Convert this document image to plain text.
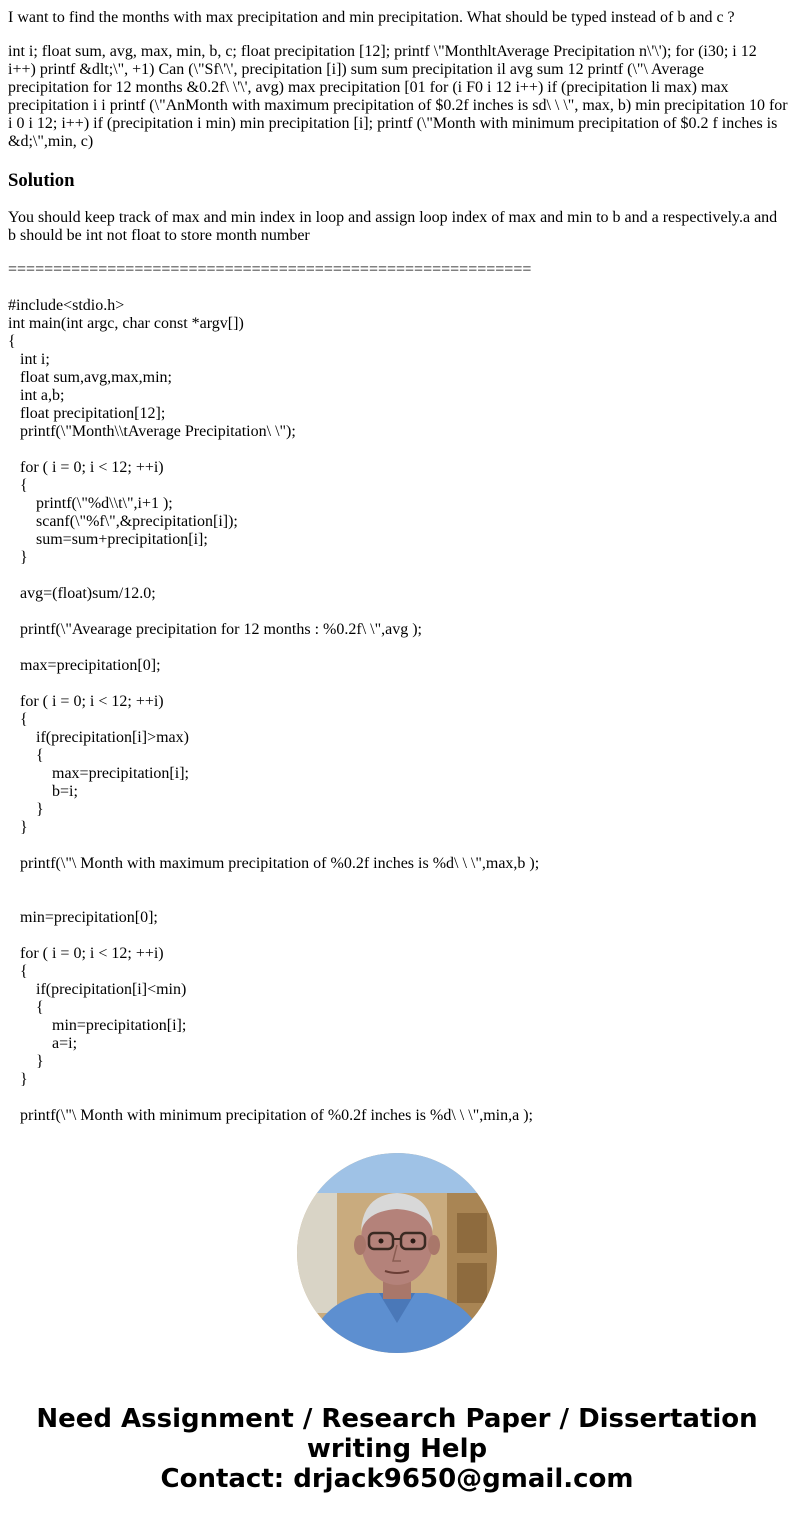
I want to find the months with max precipitation and min precipitation. What should be typed instead of b and c ?

int i; float sum, avg, max, min, b, c; float precipitation [12]; printf \"MonthltAverage Precipitation n\'\'); for (i30; i 12 i++) printf &dlt;\", +1) Can (\"Sf\'\', precipitation [i]) sum sum precipitation il avg sum 12 printf (\"\ Average precipitation for 12 months &0.2f\ \'\', avg) max precipitation [01 for (i F0 i 12 i++) if (precipitation li max) max precipitation i i printf (\"AnMonth with maximum precipitation of $0.2f inches is sd\ \ \", max, b) min precipitation 10 for i 0 i 12; i++) if (precipitation i min) min precipitation [i]; printf (\"Month with minimum precipitation of $0.2 f inches is &d;\",min, c)

Solution

You should keep track of max and min index in loop and assign loop index of max and min to b and a respectively.a and b should be int not float to store month number

==========================================================

#include<stdio.h>
int main(int argc, char const *argv[])
{
int i;
float sum,avg,max,min;
int a,b;
float precipitation[12];
printf(\"Month\\tAverage Precipitation\ \");

for ( i = 0; i < 12; ++i)
{
printf(\"%d\\t\",i+1 );
scanf(\"%f\",&precipitation[i]);
sum=sum+precipitation[i];
}

avg=(float)sum/12.0;

printf(\"Avearage precipitation for 12 months : %0.2f\ \",avg );

max=precipitation[0];

for ( i = 0; i < 12; ++i)
{
if(precipitation[i]>max)
{
max=precipitation[i];
b=i;
}
}

printf(\"\ Month with maximum precipitation of %0.2f inches is %d\ \ \",max,b );

min=precipitation[0];

for ( i = 0; i < 12; ++i)
{
if(precipitation[i]<min)
{
min=precipitation[i];
a=i;
}
}

printf(\"\ Month with minimum precipitation of %0.2f inches is %d\ \ \",min,a );
Need Assignment / Research Paper / Dissertation
writing Help
Contact: drjack9650@gmail.com
